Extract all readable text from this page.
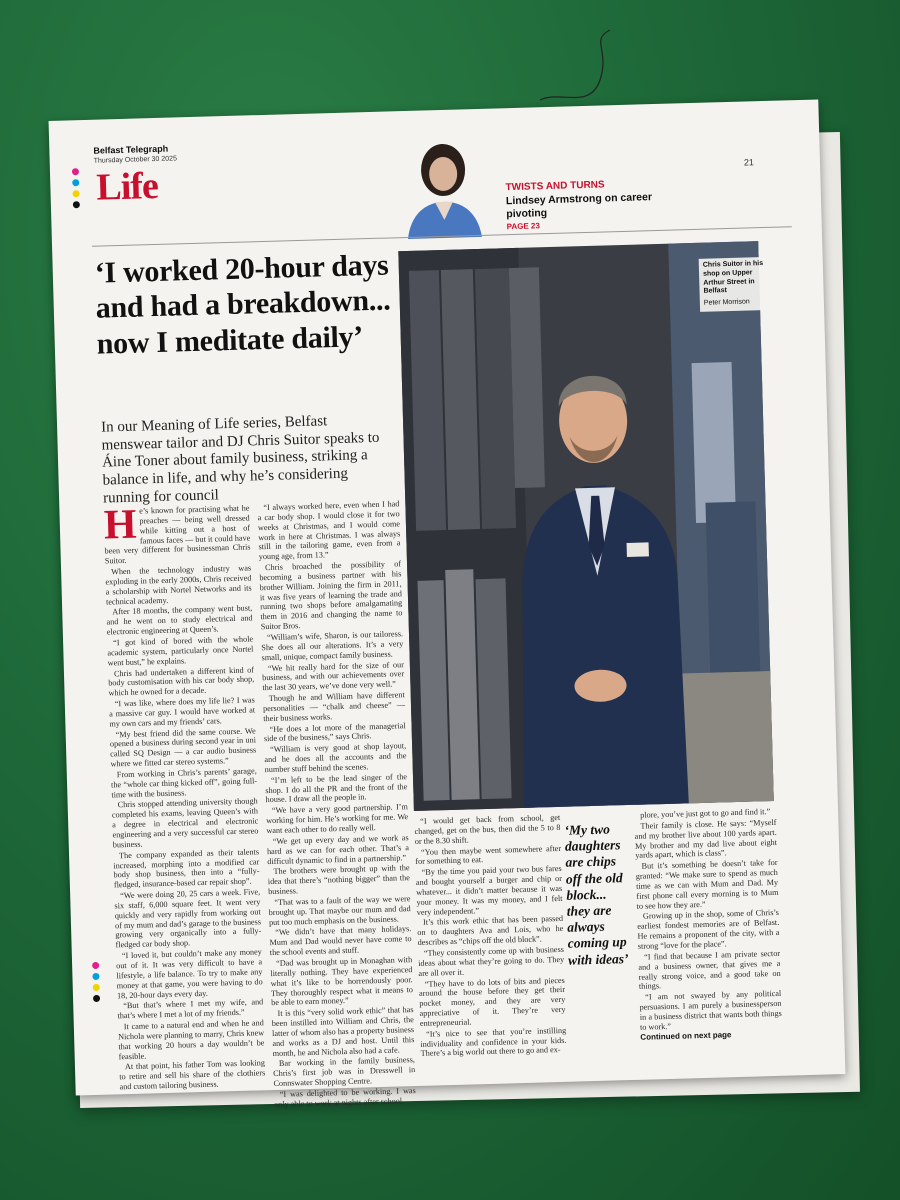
Belfast Telegraph
Thursday October 30 2025
Life	TWISTS AND TURNS
Lindsey Armstrong on career pivoting
PAGE 23
21
‘I worked 20-hour days and had a breakdown... now I meditate daily’
In our Meaning of Life series, Belfast menswear tailor and DJ Chris Suitor speaks to Áine Toner about family business, striking a balance in life, and why he’s considering running for council
Chris Suitor in his shop on Upper Arthur Street in Belfast
Peter Morrison

He’s known for practising what he preaches — being well dressed while kitting out a host of famous faces — but it could have been very different for businessman Chris Suitor.

When the technology industry was exploding in the early 2000s, Chris received a scholarship with Nortel Networks and its technical academy.

After 18 months, the company went bust, and he went on to study electrical and electronic engineering at Queen’s.

“I got kind of bored with the whole academic system, particularly once Nortel went bust,” he explains.

Chris had undertaken a different kind of body customisation with his car body shop, which he owned for a decade.

“I was like, where does my life lie? I was a massive car guy. I would have worked at my own cars and my friends’ cars.

“My best friend did the same course. We opened a business during second year in uni called SQ Design — a car audio business where we fitted car stereo systems.”

From working in Chris’s parents’ garage, the “whole car thing kicked off”, going full-time with the business.

Chris stopped attending university though completed his exams, leaving Queen’s with a degree in electrical and electronic engineering and a very successful car stereo business.

The company expanded as their talents increased, morphing into a modified car body shop business, then into a “fully-fledged, insurance-based car repair shop”.

“We were doing 20, 25 cars a week. Five, six staff, 6,000 square feet. It went very quickly and very rapidly from working out of my mum and dad’s garage to the business growing very organically into a fully-fledged car body shop.

“I loved it, but couldn’t make any money out of it. It was very difficult to have a lifestyle, a life balance. To try to make any money at that game, you were having to do 18, 20-hour days every day.

“But that’s where I met my wife, and that’s where I met a lot of my friends.”

It came to a natural end and when he and Nichola were planning to marry, Chris knew that working 20 hours a day wouldn’t be feasible.

At that point, his father Tom was looking to retire and sell his share of the clothiers and custom tailoring business.

“I always worked here, even when I had a car body shop. I would close it for two weeks at Christmas, and I would come work in here at Christmas. I was always still in the tailoring game, even from a young age, from 13.”

Chris broached the possibility of becoming a business partner with his brother William. Joining the firm in 2011, it was five years of learning the trade and running two shops before amalgamating them in 2016 and changing the name to Suitor Bros.

“William’s wife, Sharon, is our tailoress. She does all our alterations. It’s a very small, unique, compact family business.

“We hit really hard for the size of our business, and with our achievements over the last 30 years, we’ve done very well.”

Though he and William have different personalities — “chalk and cheese” — their business works.

“He does a lot more of the managerial side of the business,” says Chris.

“William is very good at shop layout, and he does all the accounts and the number stuff behind the scenes.

“I’m left to be the lead singer of the shop. I do all the PR and the front of the house. I draw all the people in.

“We have a very good partnership. I’m working for him. He’s working for me. We want each other to do really well.

“We get up every day and we work as hard as we can for each other. That’s a difficult dynamic to find in a partnership.”

The brothers were brought up with the idea that there’s “nothing bigger” than the business.

“That was to a fault of the way we were brought up. That maybe our mum and dad put too much emphasis on the business.

“We didn’t have that many holidays. Mum and Dad would never have come to the school events and stuff.

“Dad was brought up in Monaghan with literally nothing. They have experienced what it’s like to be horrendously poor. They thoroughly respect what it means to be able to earn money.”

It is this “very solid work ethic” that has been instilled into William and Chris, the latter of whom also has a property business and works as a DJ and host. Until this month, he and Nichola also had a cafe.

Bar working in the family business, Chris’s first job was in Dresswell in Connswater Shopping Centre.

“I was delighted to be working. I was only able to work at nights after school.

“I would get back from school, get changed, get on the bus, then did the 5 to 8 or the 8.30 shift.

“You then maybe went somewhere after for something to eat.

“By the time you paid your two bus fares and bought yourself a burger and chip or whatever... it didn’t matter because it was your money. It was my money, and I felt very independent.”

It’s this work ethic that has been passed on to daughters Ava and Lois, who he describes as “chips off the old block”.

“They consistently come up with business ideas about what they’re going to do. They are all over it.

“They have to do lots of bits and pieces around the house before they get their pocket money, and they are very appreciative of it. They’re very entrepreneurial.

“It’s nice to see that you’re instilling individuality and confidence in your kids. There’s a big world out there to go and ex-

‘My two daughters are chips off the old block... they are always coming up with ideas’

plore, you’ve just got to go and find it.”

Their family is close. He says: “Myself and my brother live about 100 yards apart. My brother and my dad live about eight yards apart, which is class”.

But it’s something he doesn’t take for granted: “We make sure to spend as much time as we can with Mum and Dad. My first phone call every morning is to Mum to see how they are.”

Growing up in the shop, some of Chris’s earliest fondest memories are of Belfast. He remains a proponent of the city, with a strong “love for the place”.

“I find that because I am private sector and a business owner, that gives me a really strong voice, and a good take on things.

“I am not swayed by any political persuasions. I am purely a businessperson in a business district that wants both things to work.”

Continued on next page
